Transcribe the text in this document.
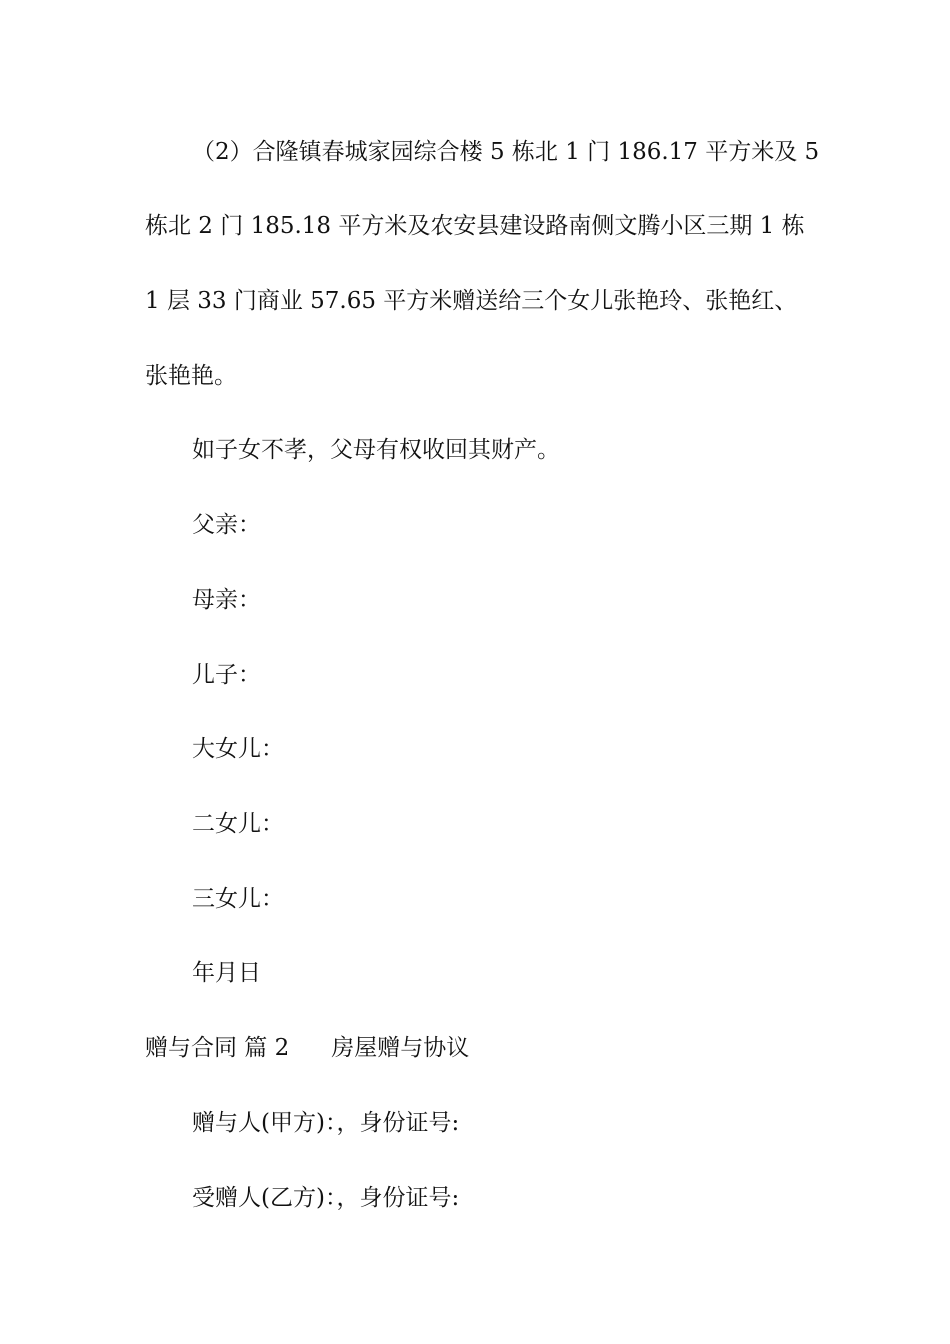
（2）合隆镇春城家园综合楼 5 栋北 1 门 186.17 平方米及 5
栋北 2 门 185.18 平方米及农安县建设路南侧文腾小区三期 1 栋
1 层 33 门商业 57.65 平方米赠送给三个女儿张艳玲、张艳红、
张艳艳。
如子女不孝，父母有权收回其财产。
父亲：
母亲：
儿子：
大女儿：
二女儿：
三女儿：
年月日
赠与合同 篇 2 房屋赠与协议
赠与人(甲方)：，身份证号:
受赠人(乙方)：，身份证号:
